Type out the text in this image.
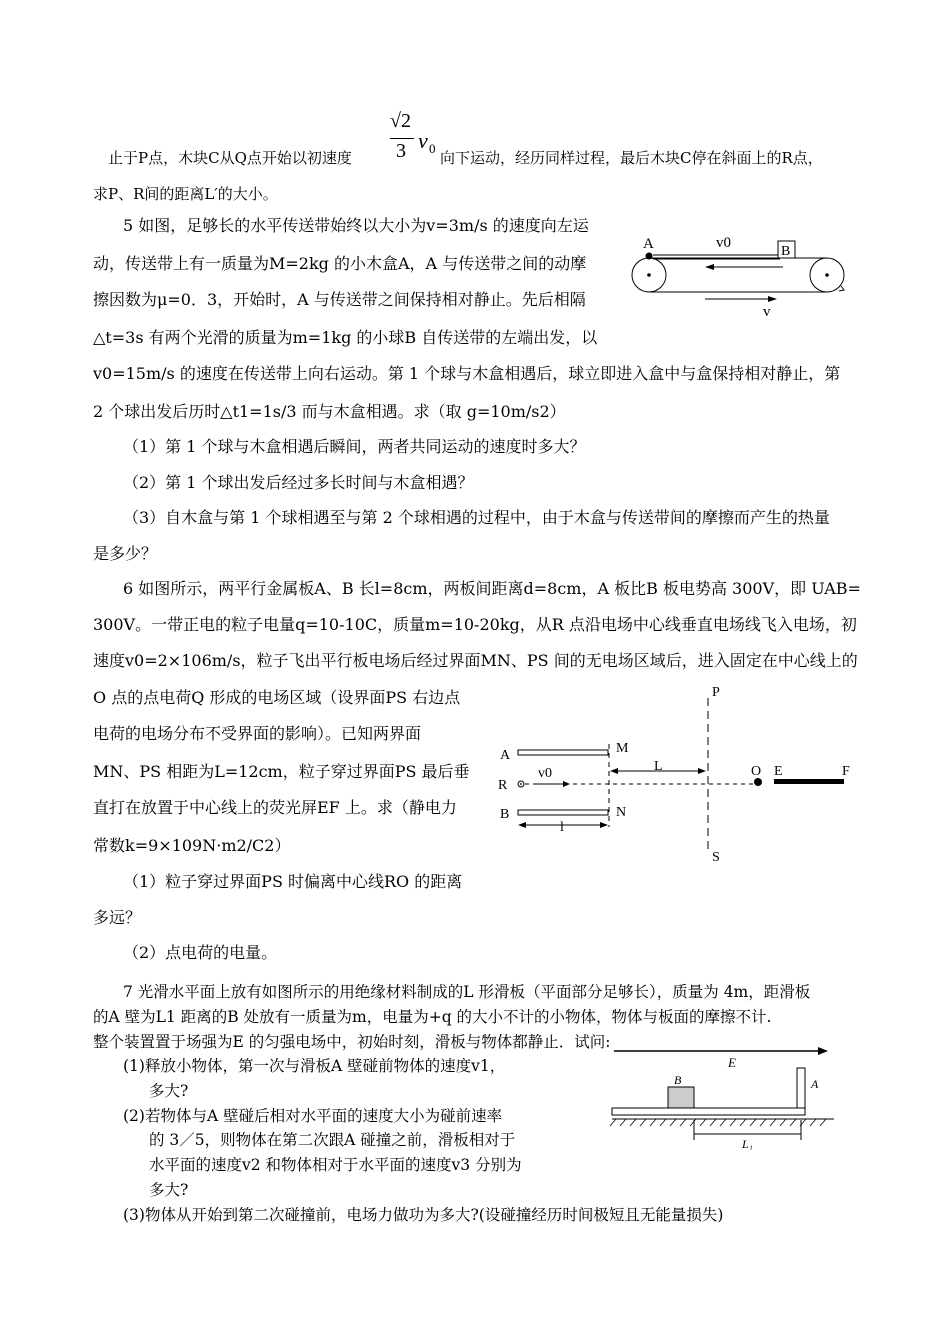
√2
3 v 0
止于P点，木块C从Q点开始以初速度	向下运动，经历同样过程，最后木块C停在斜面上的R点，
求P、R间的距离L′的大小。
5 如图，足够长的水平传送带始终以大小为v=3m/s 的速度向左运
动，传送带上有一质量为M=2kg 的小木盒A，A 与传送带之间的动摩
擦因数为μ=0．3，开始时，A 与传送带之间保持相对静止。先后相隔
△t=3s 有两个光滑的质量为m=1kg 的小球B 自传送带的左端出发，以
v0=15m/s 的速度在传送带上向右运动。第 1 个球与木盒相遇后，球立即进入盒中与盒保持相对静止，第
2 个球出发后历时△t1=1s/3 而与木盒相遇。求（取 g=10m/s2）
（1）第 1 个球与木盒相遇后瞬间，两者共同运动的速度时多大？
（2）第 1 个球出发后经过多长时间与木盒相遇？
（3）自木盒与第 1 个球相遇至与第 2 个球相遇的过程中，由于木盒与传送带间的摩擦而产生的热量
是多少？
A	B
v0
v
6 如图所示，两平行金属板A、B 长l=8cm，两板间距离d=8cm，A 板比B 板电势高 300V，即 UAB=
300V。一带正电的粒子电量q=10-10C，质量m=10-20kg，从R 点沿电场中心线垂直电场线飞入电场，初
速度v0=2×106m/s，粒子飞出平行板电场后经过界面MN、PS 间的无电场区域后，进入固定在中心线上的
O 点的点电荷Q 形成的电场区域（设界面PS 右边点
电荷的电场分布不受界面的影响）。已知两界面
MN、PS 相距为L=12cm，粒子穿过界面PS 最后垂
直打在放置于中心线上的荧光屏EF 上。求（静电力
常数k=9×109N·m2/C2）
（1）粒子穿过界面PS 时偏离中心线RO 的距离
多远？
（2）点电荷的电量。
P
S
A
B
M
N
R
v0	L
l
O E	F
7 光滑水平面上放有如图所示的用绝缘材料制成的L 形滑板（平面部分足够长），质量为 4m，距滑板
的A 壁为L1 距离的B 处放有一质量为m，电量为+q 的大小不计的小物体，物体与板面的摩擦不计.
整个装置置于场强为E 的匀强电场中，初始时刻，滑板与物体都静止．试问:
(1)释放小物体，第一次与滑板A 壁碰前物体的速度v1，
多大?
(2)若物体与A 壁碰后相对水平面的速度大小为碰前速率
的 3／5，则物体在第二次跟A 碰撞之前，滑板相对于
水平面的速度v2 和物体相对于水平面的速度v3 分别为
多大?
(3)物体从开始到第二次碰撞前，电场力做功为多大?(设碰撞经历时间极短且无能量损失)
E
B	A
L₁
